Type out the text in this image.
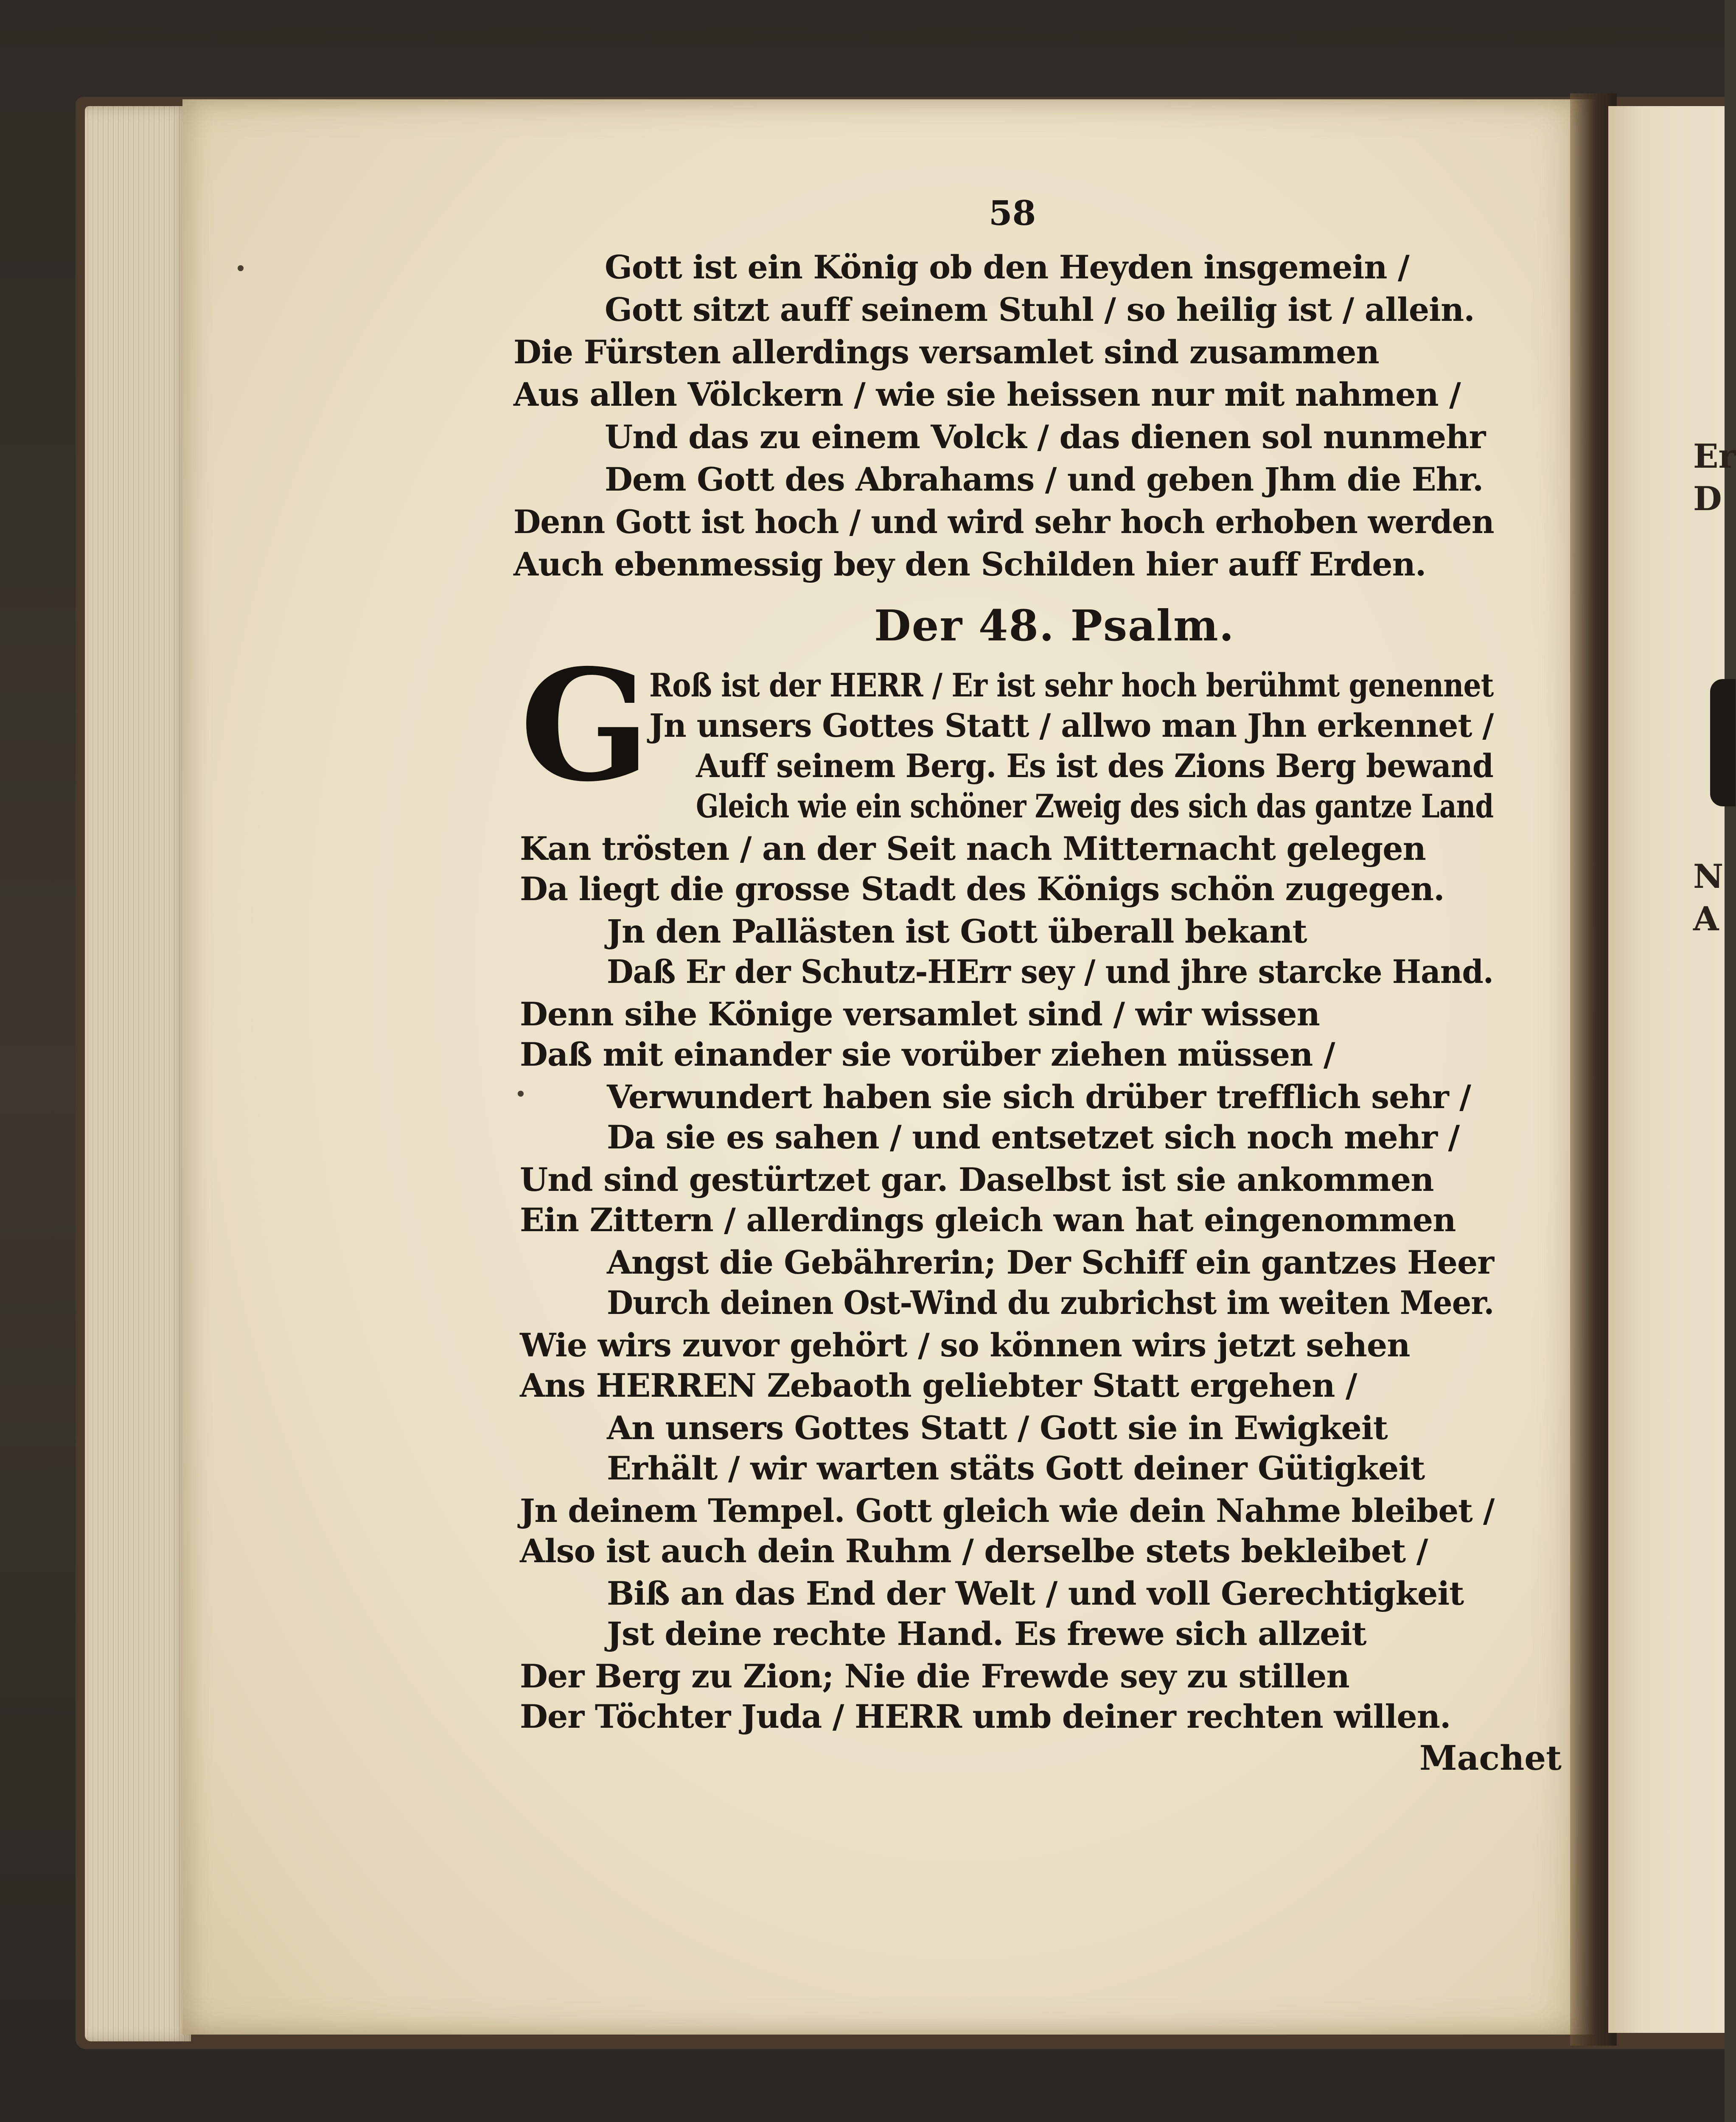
Er
D
N
A
58
Gott ist ein König ob den Heyden insgemein /
Gott sitzt auff seinem Stuhl / so heilig ist / allein.
Die Fürsten allerdings versamlet sind zusammen
Aus allen Völckern / wie sie heissen nur mit nahmen /
Und das zu einem Volck / das dienen sol nunmehr
Dem Gott des Abrahams / und geben Jhm die Ehr.
Denn Gott ist hoch / und wird sehr hoch erhoben werden
Auch ebenmessig bey den Schilden hier auff Erden.
Der 48. Psalm.
G
Roß ist der HERR / Er ist sehr hoch berühmt genennet
Jn unsers Gottes Statt / allwo man Jhn erkennet /
Auff seinem Berg. Es ist des Zions Berg bewand
Gleich wie ein schöner Zweig des sich das gantze Land
Kan trösten / an der Seit nach Mitternacht gelegen
Da liegt die grosse Stadt des Königs schön zugegen.
Jn den Pallästen ist Gott überall bekant
Daß Er der Schutz-HErr sey / und jhre starcke Hand.
Denn sihe Könige versamlet sind / wir wissen
Daß mit einander sie vorüber ziehen müssen /
Verwundert haben sie sich drüber trefflich sehr /
Da sie es sahen / und entsetzet sich noch mehr /
Und sind gestürtzet gar. Daselbst ist sie ankommen
Ein Zittern / allerdings gleich wan hat eingenommen
Angst die Gebährerin; Der Schiff ein gantzes Heer
Durch deinen Ost-Wind du zubrichst im weiten Meer.
Wie wirs zuvor gehört / so können wirs jetzt sehen
Ans HERREN Zebaoth geliebter Statt ergehen /
An unsers Gottes Statt / Gott sie in Ewigkeit
Erhält / wir warten stäts Gott deiner Gütigkeit
Jn deinem Tempel. Gott gleich wie dein Nahme bleibet /
Also ist auch dein Ruhm / derselbe stets bekleibet /
Biß an das End der Welt / und voll Gerechtigkeit
Jst deine rechte Hand. Es frewe sich allzeit
Der Berg zu Zion; Nie die Frewde sey zu stillen
Der Töchter Juda / HERR umb deiner rechten willen.
Machet
